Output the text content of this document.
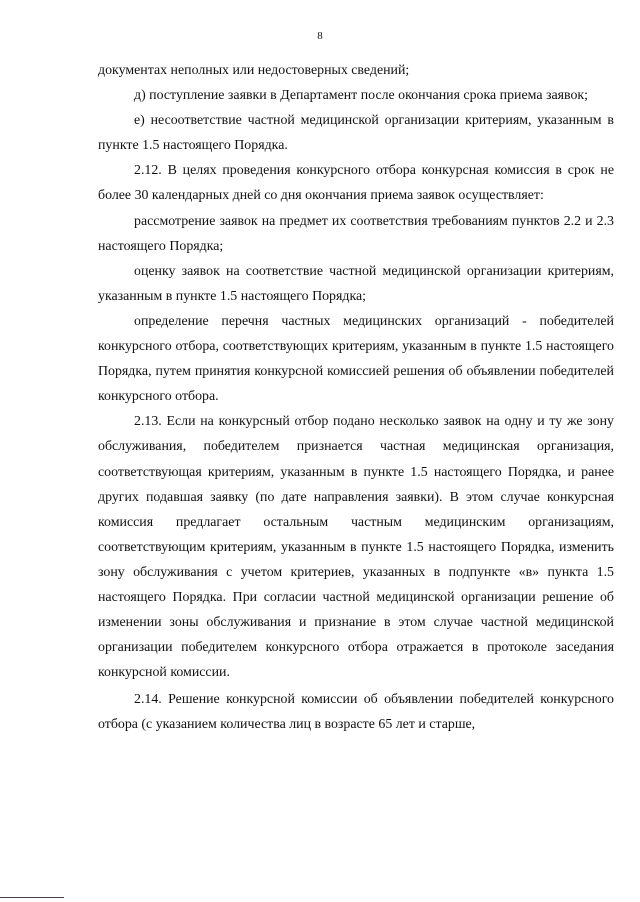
8

документах неполных или недостоверных сведений;

д) поступление заявки в Департамент после окончания срока приема заявок;

е) несоответствие частной медицинской организации критериям, указанным в пункте 1.5 настоящего Порядка.

2.12. В целях проведения конкурсного отбора конкурсная комиссия в срок не более 30 календарных дней со дня окончания приема заявок осуществляет:

рассмотрение заявок на предмет их соответствия требованиям пунктов 2.2 и 2.3 настоящего Порядка;

оценку заявок на соответствие частной медицинской организации критериям, указанным в пункте 1.5 настоящего Порядка;

определение перечня частных медицинских организаций - победителей конкурсного отбора, соответствующих критериям, указанным в пункте 1.5 настоящего Порядка, путем принятия конкурсной комиссией решения об объявлении победителей конкурсного отбора.

2.13. Если на конкурсный отбор подано несколько заявок на одну и ту же зону обслуживания, победителем признается частная медицинская организация, соответствующая критериям, указанным в пункте 1.5 настоящего Порядка, и ранее других подавшая заявку (по дате направления заявки). В этом случае конкурсная комиссия предлагает остальным частным медицинским организациям, соответствующим критериям, указанным в пункте 1.5 настоящего Порядка, изменить зону обслуживания с учетом критериев, указанных в подпункте «в» пункта 1.5 настоящего Порядка. При согласии частной медицинской организации решение об изменении зоны обслуживания и признание в этом случае частной медицинской организации победителем конкурсного отбора отражается в протоколе заседания конкурсной комиссии.

2.14. Решение конкурсной комиссии об объявлении победителей конкурсного отбора (с указанием количества лиц в возрасте 65 лет и старше,
